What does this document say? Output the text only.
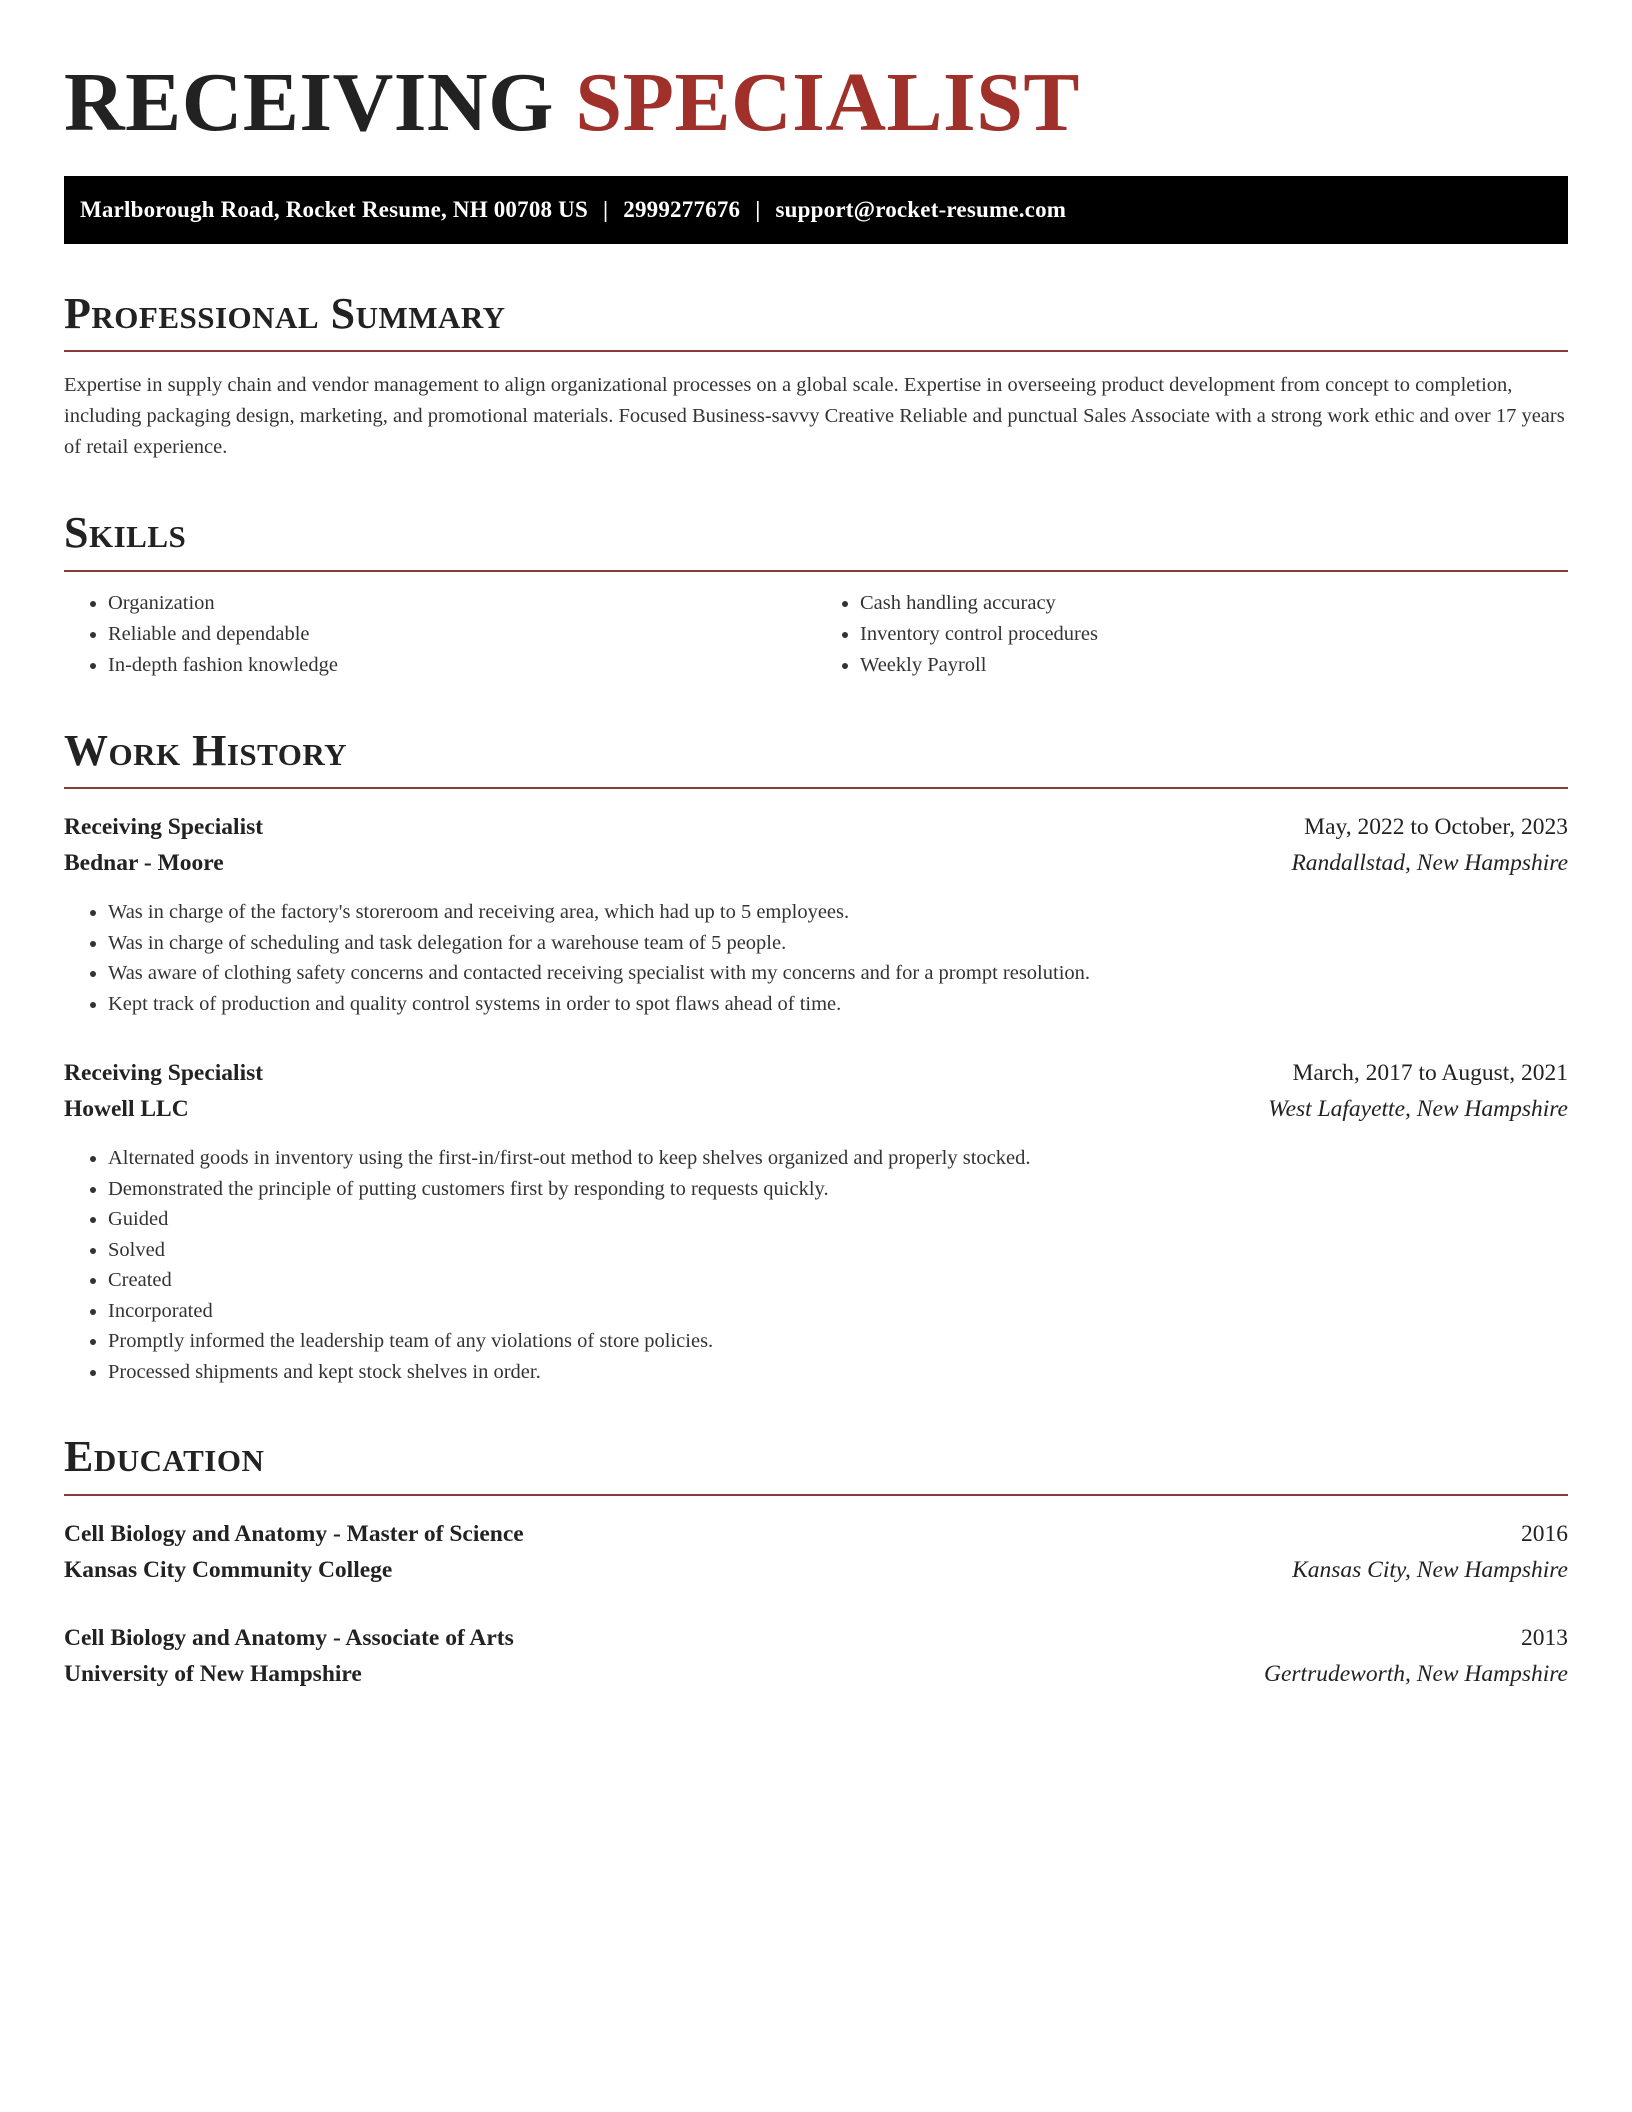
RECEIVING SPECIALIST
Marlborough Road, Rocket Resume, NH 00708 US | 2999277676 | support@rocket-resume.com
Professional Summary

Expertise in supply chain and vendor management to align organizational processes on a global scale. Expertise in overseeing product development from concept to completion, including packaging design, marketing, and promotional materials. Focused Business-savvy Creative Reliable and punctual Sales Associate with a strong work ethic and over 17 years of retail experience.

Skills
• Organization
• Reliable and dependable
• In-depth fashion knowledge
• Cash handling accuracy
• Inventory control procedures
• Weekly Payroll
Work History
Receiving Specialist	May, 2022 to October, 2023
Bednar - Moore	Randallstad, New Hampshire
• Was in charge of the factory's storeroom and receiving area, which had up to 5 employees.
• Was in charge of scheduling and task delegation for a warehouse team of 5 people.
• Was aware of clothing safety concerns and contacted receiving specialist with my concerns and for a prompt resolution.
• Kept track of production and quality control systems in order to spot flaws ahead of time.
Receiving Specialist	March, 2017 to August, 2021
Howell LLC	West Lafayette, New Hampshire
• Alternated goods in inventory using the first-in/first-out method to keep shelves organized and properly stocked.
• Demonstrated the principle of putting customers first by responding to requests quickly.
• Guided
• Solved
• Created
• Incorporated
• Promptly informed the leadership team of any violations of store policies.
• Processed shipments and kept stock shelves in order.
Education
Cell Biology and Anatomy - Master of Science	2016
Kansas City Community College	Kansas City, New Hampshire
Cell Biology and Anatomy - Associate of Arts	2013
University of New Hampshire	Gertrudeworth, New Hampshire
